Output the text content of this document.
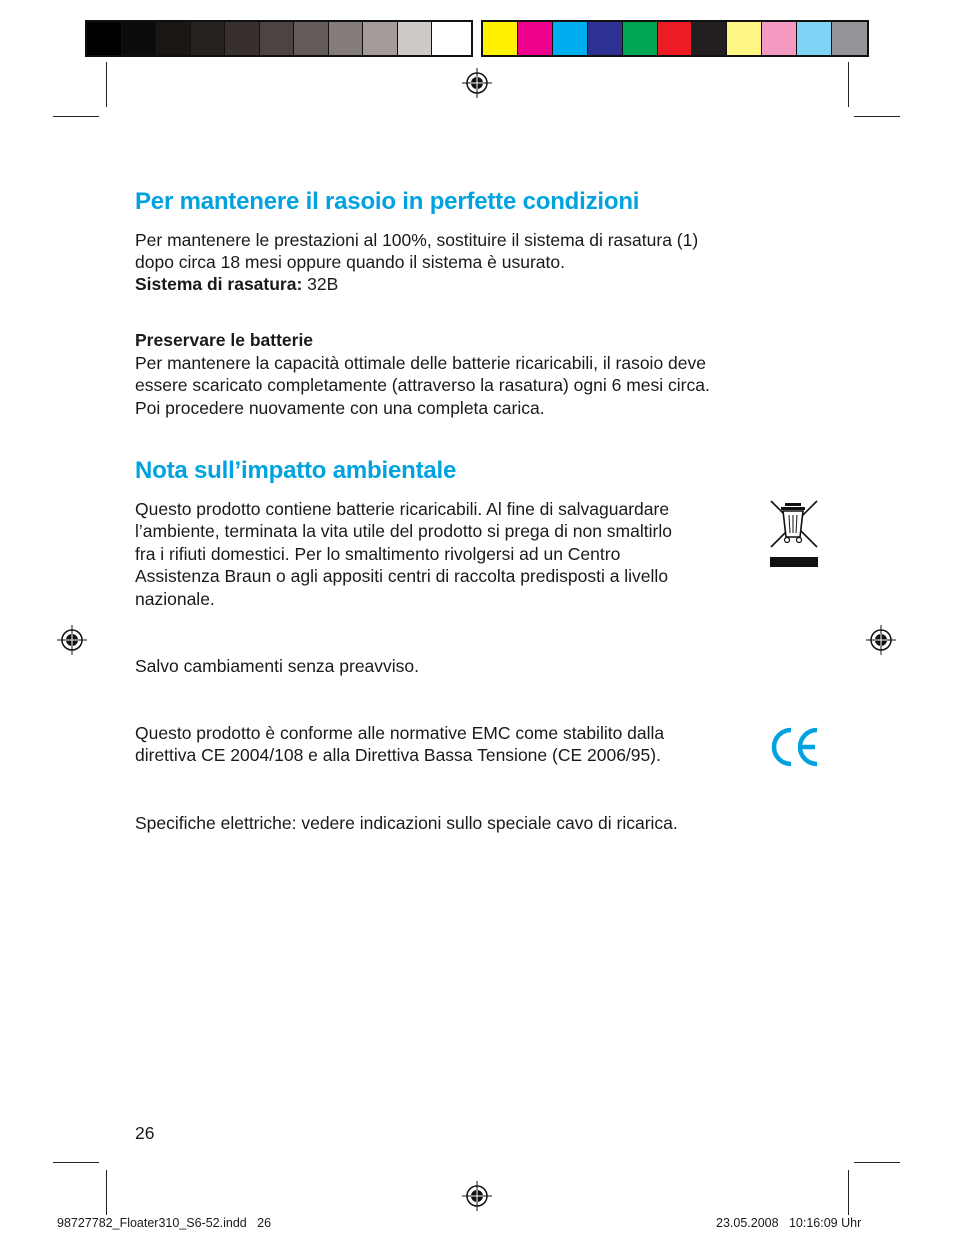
Per mantenere il rasoio in perfette condizioni

Per mantenere le prestazioni al 100%, sostituire il sistema di rasatura (1)
dopo circa 18 mesi oppure quando il sistema è usurato.

Sistema di rasatura: 32B

Preservare le batterie

Per mantenere la capacità ottimale delle batterie ricaricabili, il rasoio deve
essere scaricato completamente (attraverso la rasatura) ogni 6 mesi circa.
Poi procedere nuovamente con una completa carica.

Nota sull’impatto ambientale

Questo prodotto contiene batterie ricaricabili. Al fine di salvaguardare
l’ambiente, terminata la vita utile del prodotto si prega di non smaltirlo
fra i rifiuti domestici. Per lo smaltimento rivolgersi ad un Centro
Assistenza Braun o agli appositi centri di raccolta predisposti a livello
nazionale.

Salvo cambiamenti senza preavviso.

Questo prodotto è conforme alle normative EMC come stabilito dalla
direttiva CE 2004/108 e alla Direttiva Bassa Tensione (CE 2006/95).

Specifiche elettriche: vedere indicazioni sullo speciale cavo di ricarica.

26

98727782_Floater310_S6-52.indd   26	23.05.2008   10:16:09 Uhr
